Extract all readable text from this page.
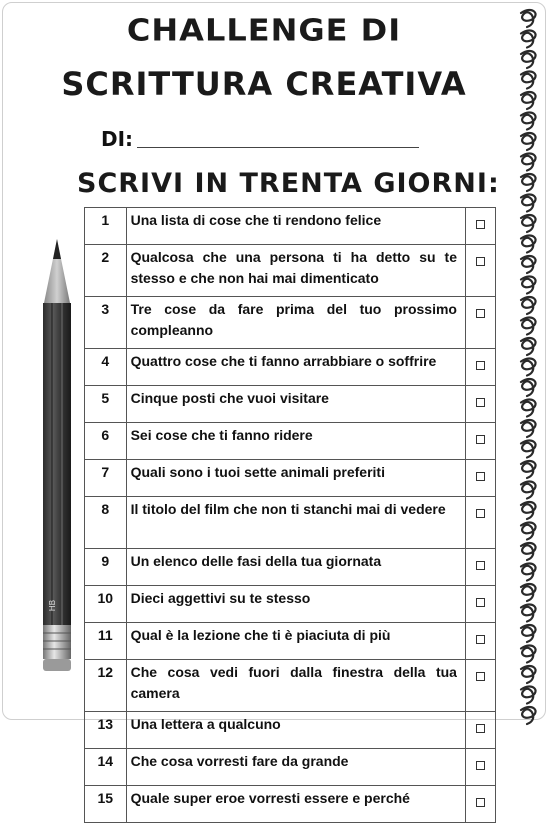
CHALLENGE DI
SCRITTURA CREATIVA
DI:
SCRIVI IN TRENTA GIORNI:
HB
1	Una lista di cose che ti rendono felice	
2	Qualcosa che una persona ti ha detto su te stesso e che non hai mai dimenticato	
3	Tre cose da fare prima del tuo prossimo compleanno	
4	Quattro cose che ti fanno arrabbiare o soffrire	
5	Cinque posti che vuoi visitare	
6	Sei cose che ti fanno ridere	
7	Quali sono i tuoi sette animali preferiti	
8	Il titolo del film che non ti stanchi mai di vedere	
9	Un elenco delle fasi della tua giornata	
10	Dieci aggettivi su te stesso	
11	Qual è la lezione che ti è piaciuta di più	
12	Che cosa vedi fuori dalla finestra della tua camera	
13	Una lettera a qualcuno	
14	Che cosa vorresti fare da grande	
15	Quale super eroe vorresti essere e perché	
